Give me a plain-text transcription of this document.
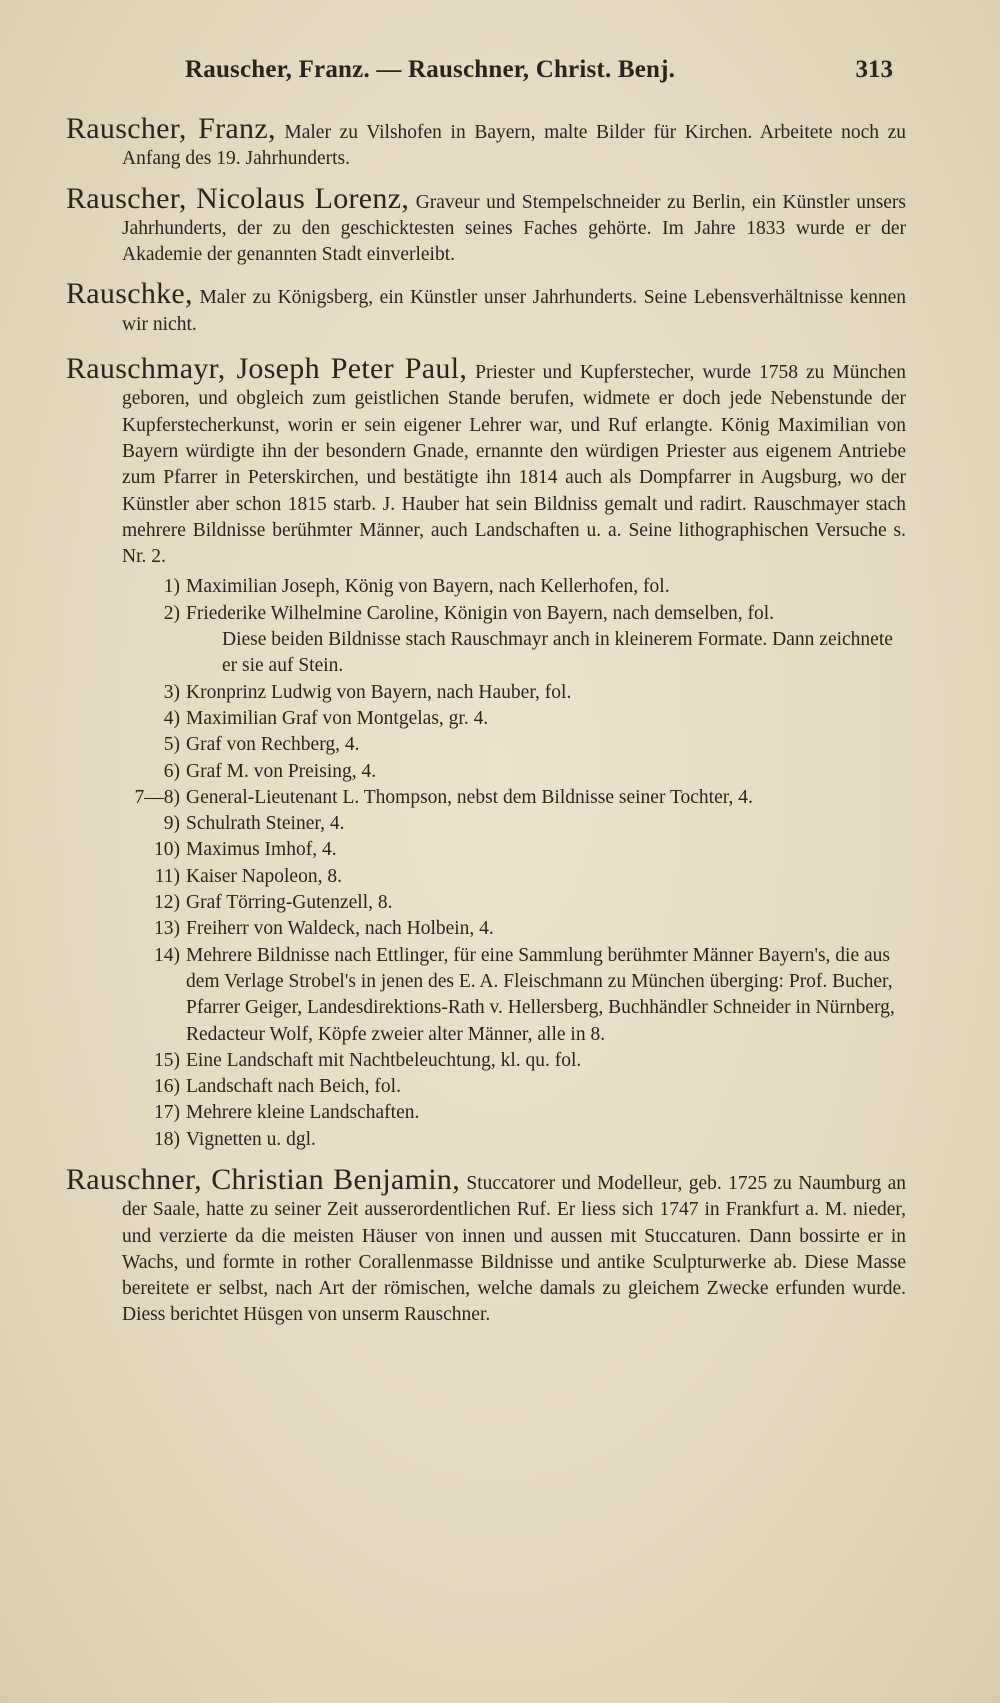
Rauscher, Franz. — Rauschner, Christ. Benj.	313

Rauscher, Franz, Maler zu Vilshofen in Bayern, malte Bilder für Kirchen. Arbeitete noch zu Anfang des 19. Jahrhunderts.

Rauscher, Nicolaus Lorenz, Graveur und Stempelschneider zu Berlin, ein Künstler unsers Jahrhunderts, der zu den geschicktesten seines Faches gehörte. Im Jahre 1833 wurde er der Akademie der genannten Stadt einverleibt.

Rauschke, Maler zu Königsberg, ein Künstler unser Jahrhunderts. Seine Lebensverhältnisse kennen wir nicht.

Rauschmayr, Joseph Peter Paul, Priester und Kupferstecher, wurde 1758 zu München geboren, und obgleich zum geistlichen Stande berufen, widmete er doch jede Nebenstunde der Kupferstecherkunst, worin er sein eigener Lehrer war, und Ruf erlangte. König Maximilian von Bayern würdigte ihn der besondern Gnade, ernannte den würdigen Priester aus eigenem Antriebe zum Pfarrer in Peterskirchen, und bestätigte ihn 1814 auch als Dompfarrer in Augsburg, wo der Künstler aber schon 1815 starb. J. Hauber hat sein Bildniss gemalt und radirt. Rauschmayer stach mehrere Bildnisse berühmter Männer, auch Landschaften u. a. Seine lithographischen Versuche s. Nr. 2.

1) Maximilian Joseph, König von Bayern, nach Kellerhofen, fol.
2) Friederike Wilhelmine Caroline, Königin von Bayern, nach demselben, fol.
Diese beiden Bildnisse stach Rauschmayr anch in kleinerem Formate. Dann zeichnete er sie auf Stein.
3) Kronprinz Ludwig von Bayern, nach Hauber, fol.
4) Maximilian Graf von Montgelas, gr. 4.
5) Graf von Rechberg, 4.
6) Graf M. von Preising, 4.
7—8) General-Lieutenant L. Thompson, nebst dem Bildnisse seiner Tochter, 4.
9) Schulrath Steiner, 4.
10) Maximus Imhof, 4.
11) Kaiser Napoleon, 8.
12) Graf Törring-Gutenzell, 8.
13) Freiherr von Waldeck, nach Holbein, 4.
14) Mehrere Bildnisse nach Ettlinger, für eine Sammlung berühmter Männer Bayern's, die aus dem Verlage Strobel's in jenen des E. A. Fleischmann zu München überging: Prof. Bucher, Pfarrer Geiger, Landesdirektions-Rath v. Hellersberg, Buchhändler Schneider in Nürnberg, Redacteur Wolf, Köpfe zweier alter Männer, alle in 8.
15) Eine Landschaft mit Nachtbeleuchtung, kl. qu. fol.
16) Landschaft nach Beich, fol.
17) Mehrere kleine Landschaften.
18) Vignetten u. dgl.

Rauschner, Christian Benjamin, Stuccatorer und Modelleur, geb. 1725 zu Naumburg an der Saale, hatte zu seiner Zeit ausserordentlichen Ruf. Er liess sich 1747 in Frankfurt a. M. nieder, und verzierte da die meisten Häuser von innen und aussen mit Stuccaturen. Dann bossirte er in Wachs, und formte in rother Corallenmasse Bildnisse und antike Sculpturwerke ab. Diese Masse bereitete er selbst, nach Art der römischen, welche damals zu gleichem Zwecke erfunden wurde. Diess berichtet Hüsgen von unserm Rauschner.
